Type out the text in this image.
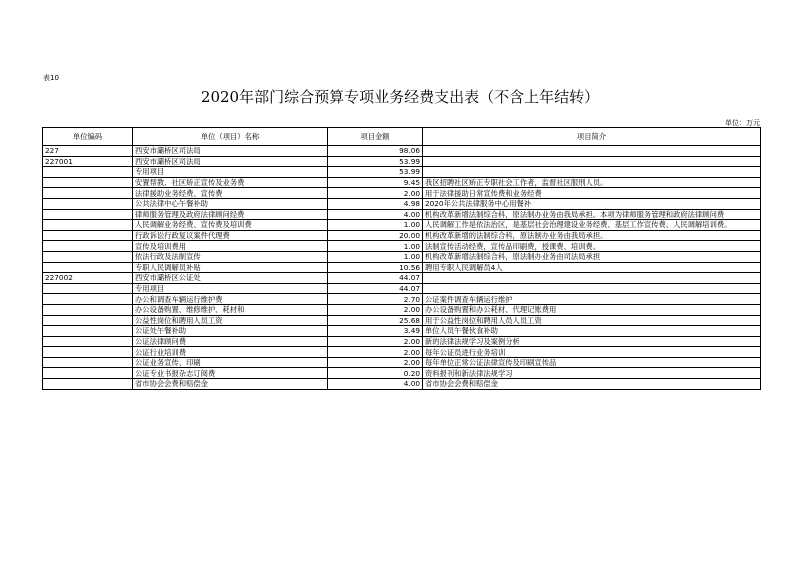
表10
2020年部门综合预算专项业务经费支出表（不含上年结转）
单位：万元
单位编码	单位（项目）名称	项目金额	项目简介
227	西安市灞桥区司法局	98.06	
227001	西安市灞桥区司法局	53.99	
	专用项目	53.99	
	安置帮教、社区矫正宣传及业务费	9.45	我区招聘社区矫正专职社会工作者，监督社区服刑人员。
	法律援助业务经费、宣传费	2.00	用于法律援助日常宣传费和业务经费
	公共法律中心午餐补助	4.98	2020年公共法律服务中心用餐补
	律师服务管理及政府法律顾问经费	4.00	机构改革新增法制综合科，原法制办业务由我局承担。本项为律师服务管理和政府法律顾问费
	人民调解业务经费、宣传费及培训费	1.00	人民调解工作是依法治区，是基层社会治理建设业务经费、基层工作宣传费、人民调解培训费。
	行政诉讼行政复议案件代理费	20.00	机构改革新增的法制综合科，原法制办业务由我局承担。
	宣传及培训费用	1.00	法制宣传活动经费，宣传品印刷费，授课费、培训费。
	依法行政及法制宣传	1.00	机构改革新增法制综合科，原法制办业务由司法局承担
	专职人民调解员补贴	10.56	聘用专职人民调解员4人
227002	西安市灞桥区公证处	44.07	
	专用项目	44.07	
	办公和调查车辆运行维护费	2.70	公证案件调查车辆运行维护
	办公设备购置、维修维护、耗材和	2.00	办公设备购置和办公耗材、代理记账费用
	公益性岗位和聘用人员工资	25.68	用于公益性岗位和聘用人员人员工资
	公证处午餐补助	3.49	单位人员午餐伙食补助
	公证法律顾问费	2.00	新的法律法规学习及案例分析
	公证行业培训费	2.00	每年公证员进行业务培训
	公证业务宣传、印刷	2.00	每年单位正常公证法律宣传及印刷宣传品
	公证专业书报杂志订阅费	0.20	资料报刊和新法律法规学习
	省市协会会费和赔偿金	4.00	省市协会会费和赔偿金
